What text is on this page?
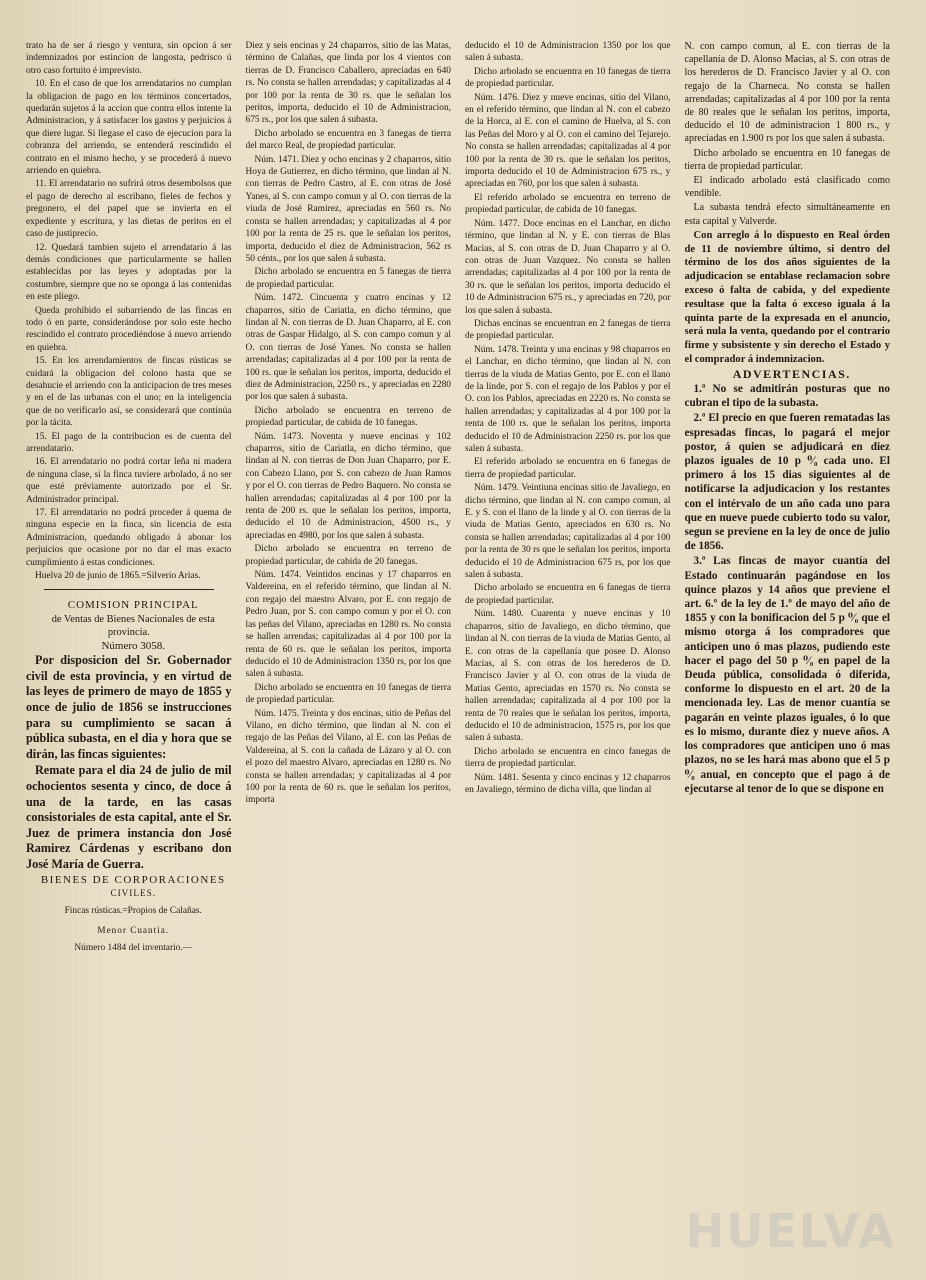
trato ha de ser á riesgo y ventura, sin opcion á ser indemnizados por estincion de langosta, pedrisco ú otro caso fortuito é imprevisto.

10. En el caso de que los arrendatarios no cumplan la obligacion de pago en los términos concertados, quedarán sujetos á la accion que contra ellos intente la Administracion, y á satisfacer los gastos y perjuicios á que diere lugar. Si llegase el caso de ejecucion para la cobranza del arriendo, se entenderá rescindido el contrato en el mismo hecho, y se procederá á nuevo arriendo en quiebra.

11. El arrendatario no sufrirá otros desembolsos que el pago de derecho al escribano, fieles de fechos y pregonero, el del papel que se invierta en el expediente y escritura, y las dietas de peritos en el caso de justiprecio.

12. Quedará tambien sujeto el arrendatario á las demás condiciones que particularmente se hallen establecidas por las leyes y adoptadas por la costumbre, siempre que no se oponga á las contenidas en este pliego.

Queda prohibido el subarriendo de las fincas en todo ó en parte, considerándose por solo este hecho rescindido el contrato procediéndose á nuevo arriendo en quiebra.

15. En los arrendamientos de fincas rústicas se cuidará la obligacion del colono hasta que se desahucie el arriendo con la anticipacion de tres meses y en el de las urbanas con el uno; en la inteligencia que de no verificarlo así, se considerará que continúa por la tácita.

15. El pago de la contribucion es de cuenta del arrendatario.

16. El arrendatario no podrá cortar leña ni madera de ninguna clase, si la finca tuviere arbolado, á no ser que esté préviamente autorizado por el Sr. Administrador principal.

17. El arrendatario no podrá proceder á quema de ninguna especie en la finca, sin licencia de esta Administracion, quedando obligado á abonar los perjuicios que ocasione por no dar el mas exacto cumplimiento á estas condiciones.

Huelva 20 de junio de 1865.=Silverio Arias.

COMISION PRINCIPAL

de Ventas de Bienes Nacionales de esta provincia.

Número 3058.

Por disposicion del Sr. Gobernador civil de esta provincia, y en virtud de las leyes de primero de mayo de 1855 y once de julio de 1856 se instrucciones para su cumplimiento se sacan á pública subasta, en el dia y hora que se dirán, las fincas siguientes:

Remate para el dia 24 de julio de mil ochocientos sesenta y cinco, de doce á una de la tarde, en las casas consistoriales de esta capital, ante el Sr. Juez de primera instancia don José Ramirez Cárdenas y escribano don José María de Guerra.

BIENES DE CORPORACIONES

CIVILES.

Fincas rústicas.=Propios de Calañas.

Menor Cuantia.

Número 1484 del inventario.—

Diez y seis encinas y 24 chaparros, sitio de las Matas, término de Calañas, que linda por los 4 vientos con tierras de D. Francisco Caballero, apreciadas en 640 rs. No consta se hallen arrendadas; y capitalizadas al 4 por 100 por la renta de 30 rs. que le señalan los peritos, importa, deducido el 10 de Administracion, 675 rs., por los que salen á subasta.

Dicho arbolado se encuentra en 3 fanegas de tierra del marco Real, de propiedad particular.

Núm. 1471. Diez y ocho encinas y 2 chaparros, sitio Hoya de Gutierrez, en dicho término, que lindan al N. con tierras de Pedro Castro, al E. con otras de José Yanes, al S. con campo comun y al O. con tierras de la viuda de José Ramirez, apreciadas en 560 rs. No consta se hallen arrendadas; y capitalizadas al 4 por 100 por la renta de 25 rs. que le señalan los peritos, importa, deducido el diez de Administracion, 562 rs 50 cénts., por los que salen á subasta.

Dicho arbolado se encuentra en 5 fanegas de tierra de propiedad particular.

Núm. 1472. Cincuenta y cuatro encinas y 12 chaparros, sitio de Cariatla, en dicho término, que lindan al N. con tierras de D. Juan Chaparro, al E. con otras de Gaspar Hidalgo, al S. con campo comun y al O. con tierras de José Yanes. No consta se hallen arrendadas; capitalizadas al 4 por 100 por la renta de 100 rs. que le señalan los peritos, importa, deducido el diez de Administracion, 2250 rs., y apreciadas en 2280 por los que salen á subasta.

Dicho arbolado se encuentra en terreno de propiedad particular, de cabida de 10 fanegas.

Núm. 1473. Noventa y nueve encinas y 102 chaparros, sitio de Cariatla, en dicho término, que lindan al N. con tierras de Don Juan Chaparro, por E. con Cabezo Llano, por S. con cabezo de Juan Ramos y por el O. con tierras de Pedro Baquero. No consta se hallen arrendadas; capitalizadas al 4 por 100 por la renta de 200 rs. que le señalan los peritos, importa, deducido el 10 de Administracion, 4500 rs., y apreciadas en 4980, por los que salen á subasta.

Dicho arbolado se encuentra en terreno de propiedad particular, de cabida de 20 fanegas.

Núm. 1474. Veintidos encinas y 17 chaparros en Valdereina, en el referido término, que lindan al N. con regajo del maestro Alvaro, por E. con regajo de Pedro Juan, por S. con campo comun y por el O. con las peñas del Vilano, apreciadas en 1280 rs. No consta se hallen arrendas; capitalizadas al 4 por 100 por la renta de 60 rs. que le señalan los peritos, importa deducido el 10 de Administracion 1350 rs, por los que salen á subasta.

Dicho arbolado se encuentra en 10 fanegas de tierra de propiedad particular.

Núm. 1475. Treinta y dos encinas, sitio de Peñas del Vilano, en dicho término, que lindan al N. con el regajo de las Peñas del Vilano, al E. con las Peñas de Valdereina, al S. con la cañada de Lázaro y al O. con el pozo del maestro Alvaro, apreciadas en 1280 rs. No consta se hallen arrendadas; y capitalizadas al 4 por 100 por la renta de 60 rs. que le señalan los peritos, importa

deducido el 10 de Administracion 1350 por los que salen á subasta.

Dicho arbolado se encuentra en 10 fanegas de tierra de propiedad particular.

Núm. 1476. Diez y nueve encinas, sitio del Vilano, en el referido término, que lindan al N. con el cabezo de la Horca, al E. con el camino de Huelva, al S. con las Peñas del Moro y al O. con el camino del Tejarejo. No consta se hallen arrendadas; capitalizadas al 4 por 100 por la renta de 30 rs. que le señalan los peritos, importa deducido el 10 de Administracion 675 rs., y apreciadas en 760, por los que salen á subasta.

El referido arbolado se encuentra en terreno de propiedad particular, de cabida de 10 fanegas.

Núm. 1477. Doce encinas en el Lanchar, en dicho término, que lindan al N. y E. con tierras de Blas Macias, al S. con otras de D. Juan Chaparro y al O. con otras de Juan Vazquez. No consta se hallen arrendadas; capitalizadas al 4 por 100 por la renta de 30 rs. que le señalan los peritos, importa deducido el 10 de Administracion 675 rs., y apreciadas en 720, por los que salen á subasta.

Dichas encinas se encuentran en 2 fanegas de tierra de propiedad particular.

Núm. 1478. Treinta y una encinas y 98 chaparros en el Lanchar, en dicho término, que lindan al N. con tierras de la viuda de Matias Gento, por E. con el llano de la linde, por S. con el regajo de los Pablos y por el O. con los Pablos, apreciadas en 2220 rs. No consta se hallen arrendadas; y capitalizadas al 4 por 100 por la renta de 100 rs. que le señalan los peritos, importa deducido el 10 de Administracion 2250 rs. por los que salen á subasta.

El referido arbolado se encuentra en 6 fanegas de tierra de propiedad particular.

Núm. 1479. Veintiuna encinas sitio de Javaliego, en dicho término, que lindan al N. con campo comun, al E. y S. con el llano de la linde y al O. con tierras de la viuda de Matias Gento, apreciados en 630 rs. No consta se hallen arrendadas; capitalizadas al 4 por 100 por la renta de 30 rs que le señalan los peritos, importa deducido el 10 de Administracion 675 rs, por los que salen á subasta.

Dicho arbolado se encuentra en 6 fanegas de tierra de propiedad particular.

Núm. 1480. Cuarenta y nueve encinas y 10 chaparros, sitio de Javaliego, en dicho término, que lindan al N. con tierras de la viuda de Matias Gento, al E. con otras de la capellanía que posee D. Alonso Macias, al S. con otras de los herederos de D. Francisco Javier y al O. con otras de la viuda de Matias Gento, apreciadas en 1570 rs. No consta se hallen arrendadas; capitalizada al 4 por 100 por la renta de 70 reales que le señalan los peritos, importa, deducido el 10 de administracion, 1575 rs, por los que salen á subasta.

Dicho arbolado se encuentra en cinco fanegas de tierra de propiedad particular.

Núm. 1481. Sesenta y cinco encinas y 12 chaparros en Javaliego, término de dicha villa, que lindan al

N. con campo comun, al E. con tierras de la capellanía de D. Alonso Macias, al S. con otras de los herederos de D. Francisco Javier y al O. con regajo de la Charneca. No consta se hallen arrendadas; capitalizadas al 4 por 100 por la renta de 80 reales que le señalan los peritos, importa, deducido el 10 de administracion 1 800 rs., y apreciadas en 1.900 rs por los que salen á subasta.

Dicho arbolado se encuentra en 10 fanegas de tierra de propiedad particular.

El indicado arbolado está clasificado como vendible.

La subasta tendrá efecto simultáneamente en esta capital y Valverde.

Con arreglo á lo dispuesto en Real órden de 11 de noviembre último, si dentro del término de los dos años siguientes de la adjudicacion se entablase reclamacion sobre exceso ó falta de cabida, y del expediente resultase que la falta ó exceso iguala á la quinta parte de la expresada en el anuncio, será nula la venta, quedando por el contrario firme y subsistente y sin derecho el Estado y el comprador á indemnizacion.

ADVERTENCIAS.

1.ª No se admitirán posturas que no cubran el tipo de la subasta.

2.ª El precio en que fueren rematadas las espresadas fincas, lo pagará el mejor postor, á quien se adjudicará en diez plazos iguales de 10 p ⁰⁄₀ cada uno. El primero á los 15 dias siguientes al de notificarse la adjudicacion y los restantes con el intérvalo de un año cada uno para que en nueve puede cubierto todo su valor, segun se previene en la ley de once de julio de 1856.

3.ª Las fincas de mayor cuantía del Estado continuarán pagándose en los quince plazos y 14 años que previene el art. 6.º de la ley de 1.º de mayo del año de 1855 y con la bonificacion del 5 p ⁰⁄₀ que el mismo otorga á los compradores que anticipen uno ó mas plazos, pudiendo este hacer el pago del 50 p ⁰⁄₀ en papel de la Deuda pública, consolidada ó diferida, conforme lo dispuesto en el art. 20 de la mencionada ley. Las de menor cuantía se pagarán en veinte plazos iguales, ó lo que es lo mismo, durante diez y nueve años. A los compradores que anticipen uno ó mas plazos, no se les hará mas abono que el 5 p ⁰⁄₀ anual, en concepto que el pago á de ejecutarse al tenor de lo que se dispone en

HUELVA
